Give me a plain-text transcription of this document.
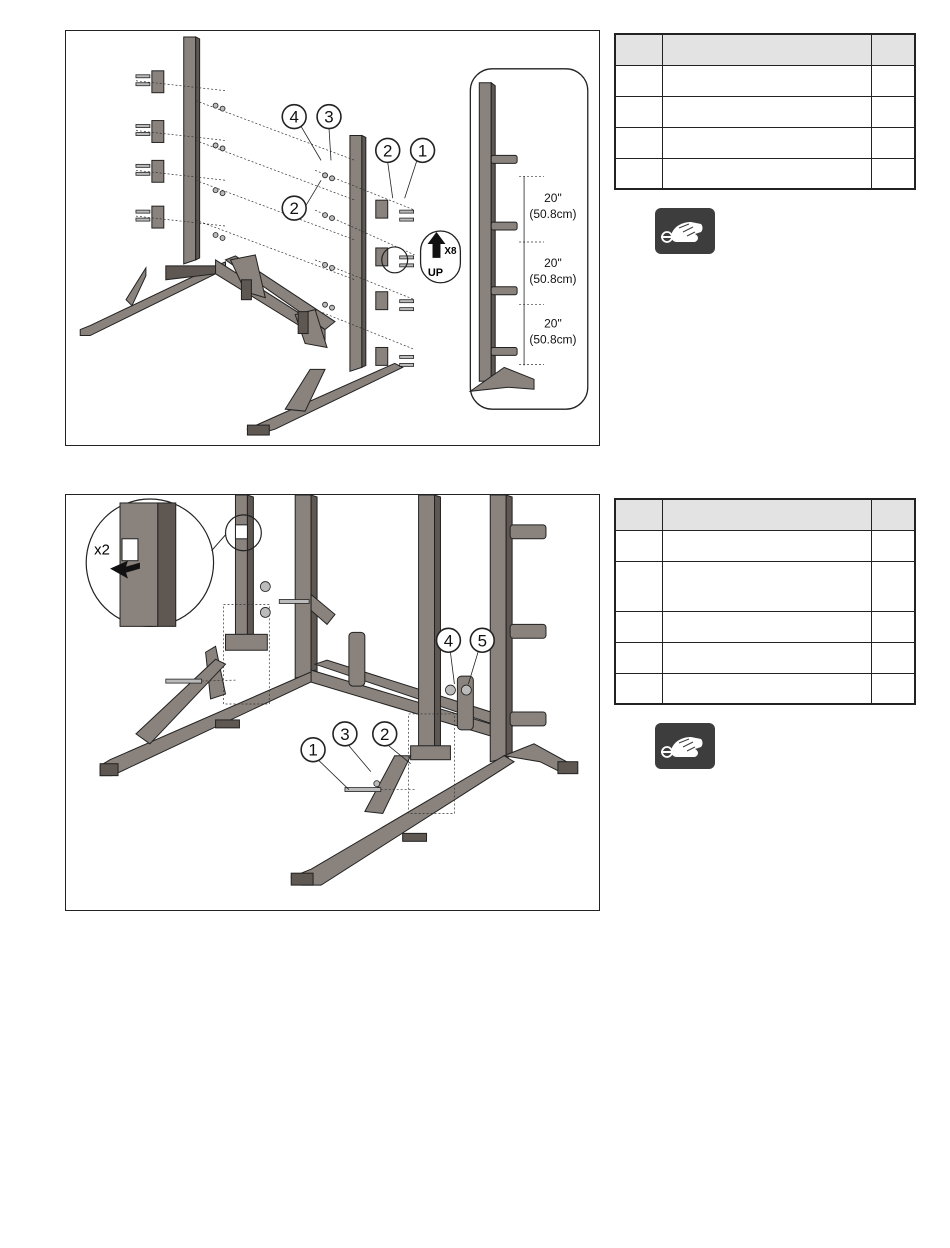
4 3
2 1
2
X8
UP
20"
(50.8cm)
20"
(50.8cm)
20"
(50.8cm)

x2
1
3 2
4 5
